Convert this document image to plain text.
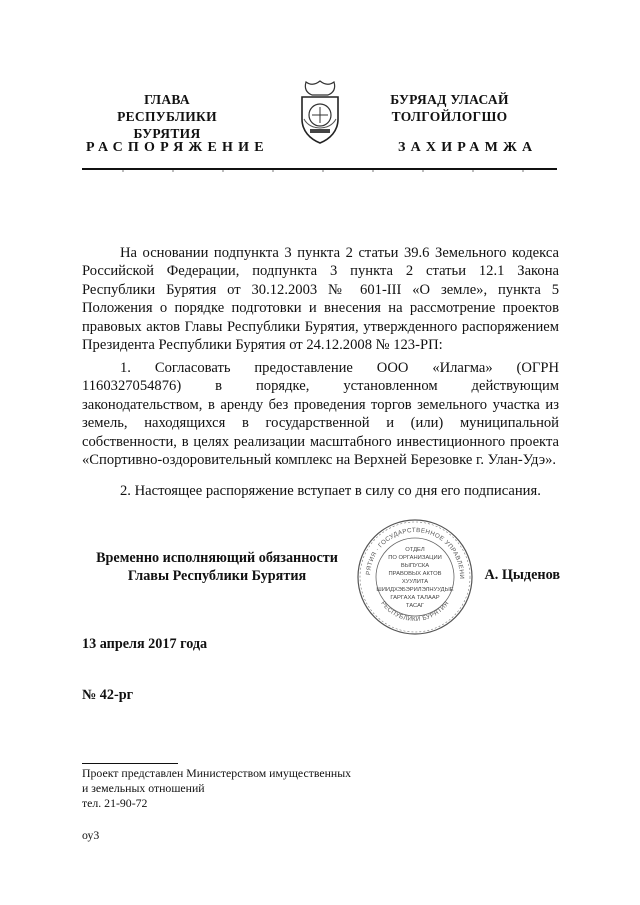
ГЛАВА
РЕСПУБЛИКИ БУРЯТИЯ
БУРЯАД УЛАСАЙ
ТОЛГОЙЛОГШО
РАСПОРЯЖЕНИЕ	ЗАХИРАМЖА
На основании подпункта 3 пункта 2 статьи 39.6 Земельного кодекса Российской Федерации, подпункта 3 пункта 2 статьи 12.1 Закона Республики Бурятия от 30.12.2003 № 601-III «О земле», пункта 5 Положения о порядке подготовки и внесения на рассмотрение проектов правовых актов Главы Республики Бурятия, утвержденного распоряжением Президента Республики Бурятия от 24.12.2008 № 123-РП:
1. Согласовать предоставление ООО «Илагма» (ОГРН 1160327054876) в порядке, установленном действующим законодательством, в аренду без проведения торгов земельного участка из земель, находящихся в государственной и (или) муниципальной собственности, в целях реализации масштабного инвестиционного проекта «Спортивно-оздоровительный комплекс на Верхней Березовке г. Улан-Удэ».
2. Настоящее распоряжение вступает в силу со дня его подписания.
Временно исполняющий обязанности
Главы Республики Бурятия	РЯТИЯ · ГОСУДАРСТВЕННОЕ УПРАВЛЕНИ
РЕСПУБЛИКИ БУРЯТИЯ
ОТДЕЛ
ПО ОРГАНИЗАЦИИ
ВЫПУСКА
ПРАВОВЫХ АКТОВ
ХУУЛИТА
ШИИДХЭБЭРИЛЭЛНУУДЫЕ
ГАРГАХА ТАЛААР
ТАСАГ
А. Цыденов
13 апреля 2017 года
№ 42-рг
Проект представлен Министерством имущественных
и земельных отношений
тел. 21-90-72
оу3
